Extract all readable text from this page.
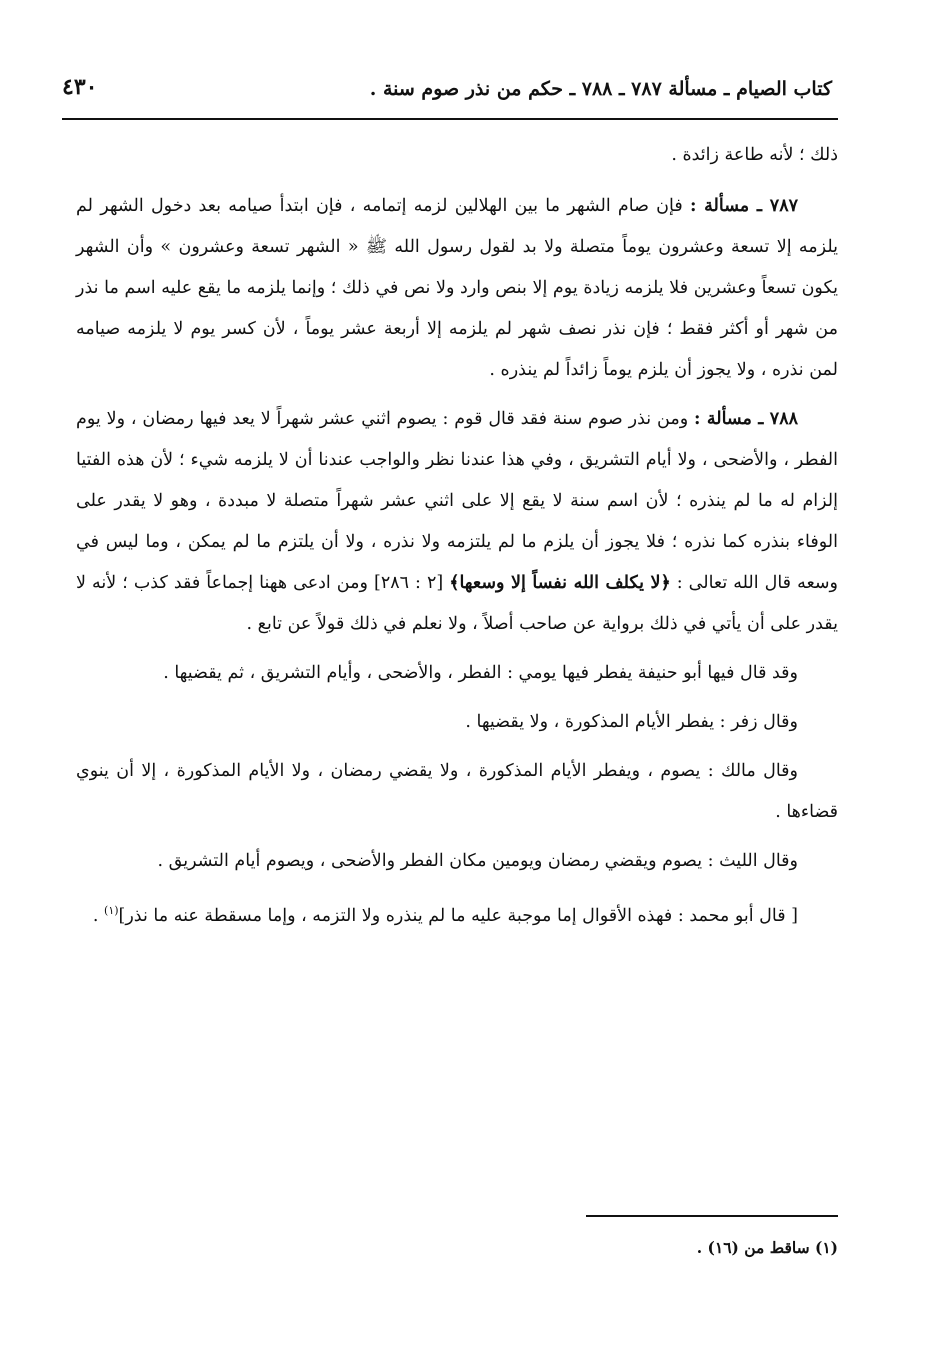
كتاب الصيام ـ مسألة ٧٨٧ ـ ٧٨٨ ـ حكم من نذر صوم سنة .
٤٣٠

ذلك ؛ لأنه طاعة زائدة .

٧٨٧ ـ مسألة : فإن صام الشهر ما بين الهلالين لزمه إتمامه ، فإن ابتدأ صيامه بعد دخول الشهر لم يلزمه إلا تسعة وعشرون يوماً متصلة ولا بد لقول رسول الله ﷺ « الشهر تسعة وعشرون » وأن الشهر يكون تسعاً وعشرين فلا يلزمه زيادة يوم إلا بنص وارد ولا نص في ذلك ؛ وإنما يلزمه ما يقع عليه اسم ما نذر من شهر أو أكثر فقط ؛ فإن نذر نصف شهر لم يلزمه إلا أربعة عشر يوماً ، لأن كسر يوم لا يلزمه صيامه لمن نذره ، ولا يجوز أن يلزم يوماً زائداً لم ينذره .

٧٨٨ ـ مسألة : ومن نذر صوم سنة فقد قال قوم : يصوم اثني عشر شهراً لا يعد فيها رمضان ، ولا يوم الفطر ، والأضحى ، ولا أيام التشريق ، وفي هذا عندنا نظر والواجب عندنا أن لا يلزمه شيء ؛ لأن هذه الفتيا إلزام له ما لم ينذره ؛ لأن اسم سنة لا يقع إلا على اثني عشر شهراً متصلة لا مبددة ، وهو لا يقدر على الوفاء بنذره كما نذره ؛ فلا يجوز أن يلزم ما لم يلتزمه ولا نذره ، ولا أن يلتزم ما لم يمكن ، وما ليس في وسعه قال الله تعالى : ﴿لا يكلف الله نفساً إلا وسعها﴾ [٢ : ٢٨٦] ومن ادعى ههنا إجماعاً فقد كذب ؛ لأنه لا يقدر على أن يأتي في ذلك برواية عن صاحب أصلاً ، ولا نعلم في ذلك قولاً عن تابع .

وقد قال فيها أبو حنيفة يفطر فيها يومي : الفطر ، والأضحى ، وأيام التشريق ، ثم يقضيها .

وقال زفر : يفطر الأيام المذكورة ، ولا يقضيها .

وقال مالك : يصوم ، ويفطر الأيام المذكورة ، ولا يقضي رمضان ، ولا الأيام المذكورة ، إلا أن ينوي قضاءها .

وقال الليث : يصوم ويقضي رمضان ويومين مكان الفطر والأضحى ، ويصوم أيام التشريق .

[ قال أبو محمد : فهذه الأقوال إما موجبة عليه ما لم ينذره ولا التزمه ، وإما مسقطة عنه ما نذر]$^{(١)}$ .

(١) ساقط من (١٦) .
